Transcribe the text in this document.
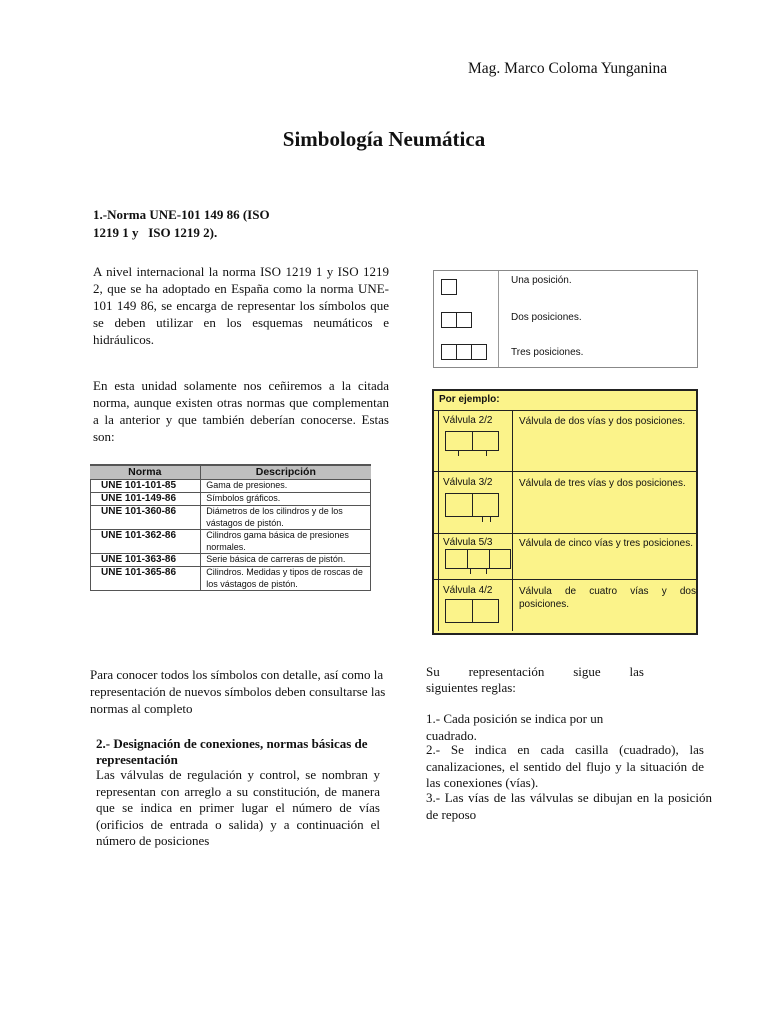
Mag. Marco Coloma Yunganina
Simbología Neumática
1.-Norma UNE-101 149 86 (ISO
1219 1 y   ISO 1219 2).
A nivel internacional la norma ISO 1219 1 y ISO 1219 2, que se ha adoptado en España como la norma UNE-101 149 86, se encarga de representar los símbolos que se deben utilizar en los esquemas neumáticos e hidráulicos.
En esta unidad solamente nos ceñiremos a la citada norma, aunque existen otras normas que complementan a la anterior y que también deberían conocerse. Estas son:
Norma	Descripción
UNE 101-101-85	Gama de presiones.
UNE 101-149-86	Símbolos gráficos.
UNE 101-360-86	Diámetros de los cilindros y de los vástagos de pistón.
UNE 101-362-86	Cilindros gama básica de presiones normales.
UNE 101-363-86	Serie básica de carreras de pistón.
UNE 101-365-86	Cilindros. Medidas y tipos de roscas de los vástagos de pistón.
Una posición.
Dos posiciones.
Tres posiciones.
Por ejemplo:
Válvula 2/2	Válvula de dos vías y dos posiciones.
Válvula 3/2	Válvula de tres vías y dos posiciones.
Válvula 5/3	Válvula de cinco vías y tres posiciones.
Válvula 4/2	Válvula de cuatro vías y dos posiciones.
Para conocer todos los símbolos con detalle, así como la representación de nuevos símbolos deben consultarse las normas al completo
2.- Designación de conexiones, normas básicas de representación
Las válvulas de regulación y control, se nombran y representan con arreglo a su constitución, de manera que se indica en primer lugar el número de vías (orificios de entrada o salida) y a continuación el número de posiciones
Su representación sigue las
siguientes reglas:
1.- Cada posición se indica por un cuadrado.
2.- Se indica en cada casilla (cuadrado), las canalizaciones, el sentido del flujo y la situación de las conexiones (vías).
3.- Las vías de las válvulas se dibujan en la posición de reposo
